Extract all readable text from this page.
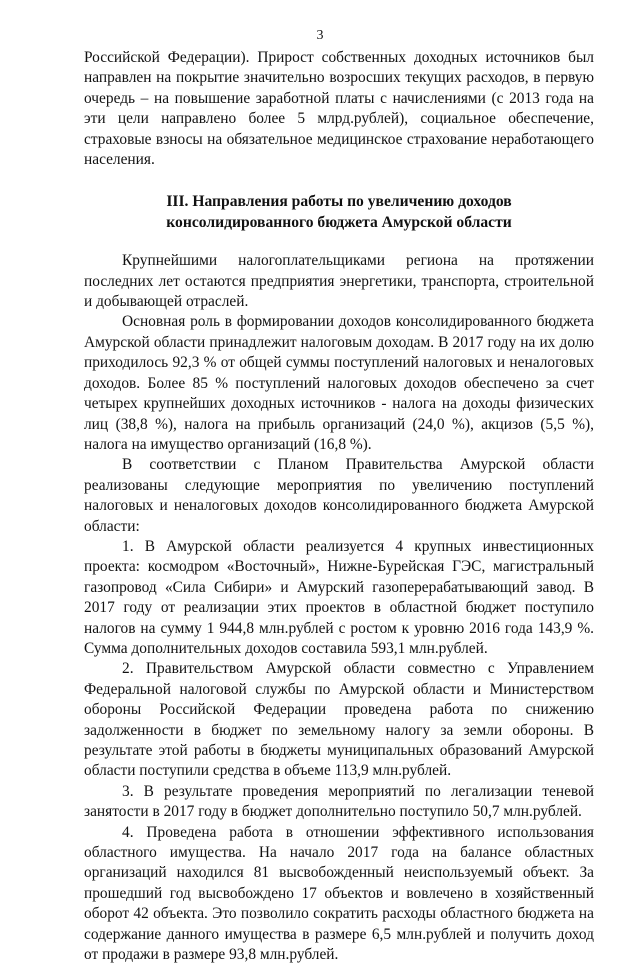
3

Российской Федерации). Прирост собственных доходных источников был направлен на покрытие значительно возросших текущих расходов, в первую очередь – на повышение заработной платы с начислениями (с 2013 года на эти цели направлено более 5 млрд.рублей), социальное обеспечение, страховые взносы на обязательное медицинское страхование неработающего населения.

III. Направления работы по увеличению доходов
консолидированного бюджета Амурской области

Крупнейшими налогоплательщиками региона на протяжении последних лет остаются предприятия энергетики, транспорта, строительной и добывающей отраслей.

Основная роль в формировании доходов консолидированного бюджета Амурской области принадлежит налоговым доходам. В 2017 году на их долю приходилось 92,3 % от общей суммы поступлений налоговых и неналоговых доходов. Более 85 % поступлений налоговых доходов обеспечено за счет четырех крупнейших доходных источников - налога на доходы физических лиц (38,8 %), налога на прибыль организаций (24,0 %), акцизов (5,5 %), налога на имущество организаций (16,8 %).

В соответствии с Планом Правительства Амурской области реализованы следующие мероприятия по увеличению поступлений налоговых и неналоговых доходов консолидированного бюджета Амурской области:

1. В Амурской области реализуется 4 крупных инвестиционных проекта: космодром «Восточный», Нижне-Бурейская ГЭС, магистральный газопровод «Сила Сибири» и Амурский газоперерабатывающий завод. В 2017 году от реализации этих проектов в областной бюджет поступило налогов на сумму 1 944,8 млн.рублей с ростом к уровню 2016 года 143,9 %. Сумма дополнительных доходов составила 593,1 млн.рублей.

2. Правительством Амурской области совместно с Управлением Федеральной налоговой службы по Амурской области и Министерством обороны Российской Федерации проведена работа по снижению задолженности в бюджет по земельному налогу за земли обороны. В результате этой работы в бюджеты муниципальных образований Амурской области поступили средства в объеме 113,9 млн.рублей.

3. В результате проведения мероприятий по легализации теневой занятости в 2017 году в бюджет дополнительно поступило 50,7 млн.рублей.

4. Проведена работа в отношении эффективного использования областного имущества. На начало 2017 года на балансе областных организаций находился 81 высвобожденный неиспользуемый объект. За прошедший год высвобождено 17 объектов и вовлечено в хозяйственный оборот 42 объекта. Это позволило сократить расходы областного бюджета на содержание данного имущества в размере 6,5 млн.рублей и получить доход от продажи в размере 93,8 млн.рублей.
